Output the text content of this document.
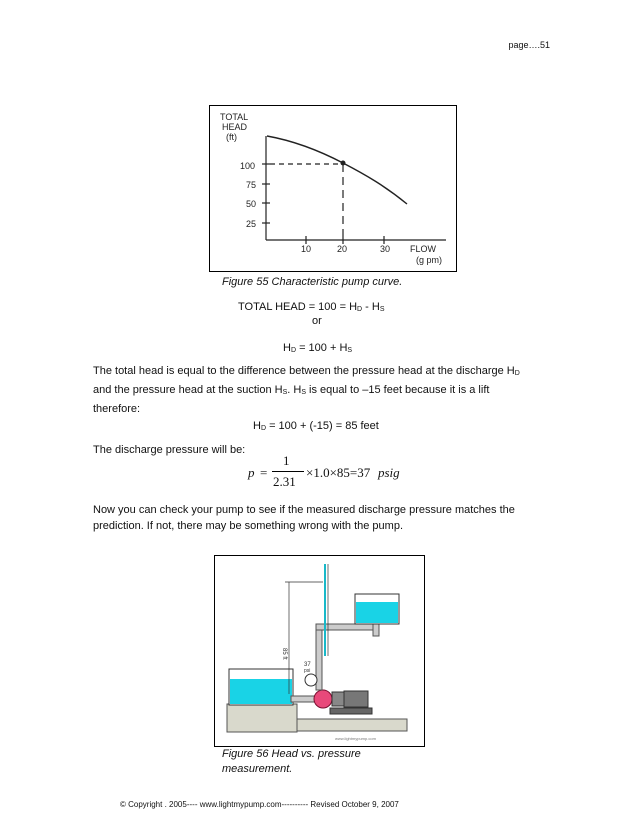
page….51
TOTAL
HEAD
(ft)
100
75
50
25
10	20	30 FLOW
(g pm)
Figure 55 Characteristic pump curve.
TOTAL HEAD = $100 = H_D - H_S$
or
$H_D = 100 + H_S$
The total head is equal to the difference between the pressure head at the discharge $H_D$
and the pressure head at the suction $H_S$. $H_S$ is equal to –15 feet because it is a lift
therefore:
$H_D = 100 + (-15) = 85$ feet
The discharge pressure will be:
p =
1
2.31
×1.0×85=37 psig
Now you can check your pump to see if the measured discharge pressure matches the
prediction. If not, there may be something wrong with the pump.
85 ft
37
psi
www.lightmypump.com
Figure 56 Head vs. pressure
measurement.
© Copyright . 2005---- www.lightmypump.com---------- Revised October 9, 2007
